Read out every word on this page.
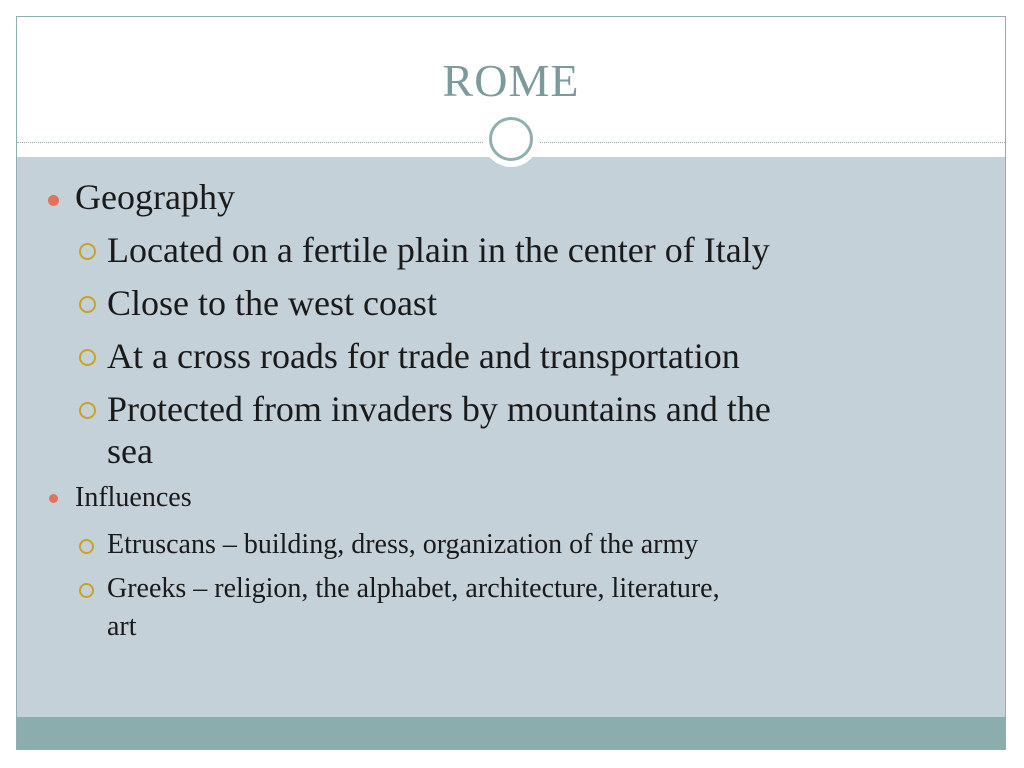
ROME
Geography
Located on a fertile plain in the center of Italy
Close to the west coast
At a cross roads for trade and transportation
Protected from invaders by mountains and the
sea
Influences
Etruscans – building, dress, organization of the army
Greeks – religion, the alphabet, architecture, literature,
art
